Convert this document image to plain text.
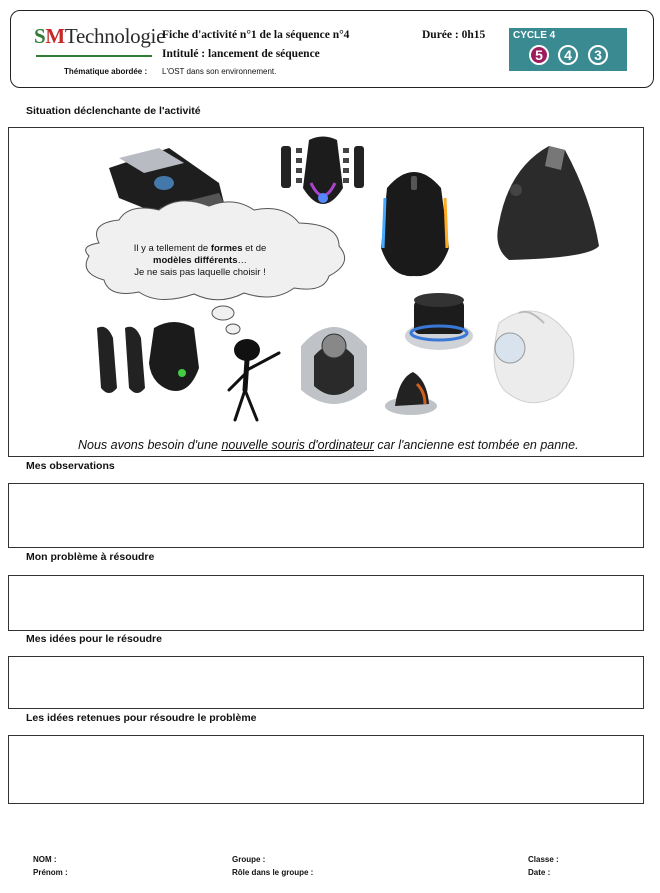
SMTechnologie
Thématique abordée : L'OST dans son environnement.
Fiche d'activité n°1 de la séquence n°4
Intitulé : lancement de séquence
Durée : 0h15	CYCLE 4
5	4	3
Situation déclenchante de l'activité
Il y a tellement de formes et de
modèles différents…
Je ne sais pas laquelle choisir !
Nous avons besoin d'une nouvelle souris d'ordinateur car l'ancienne est tombée en panne.
Mes observations
Mon problème à résoudre
Mes idées pour le résoudre
Les idées retenues pour résoudre le problème
NOM :
Prénom :
Groupe :
Rôle dans le groupe :
Classe :
Date :
